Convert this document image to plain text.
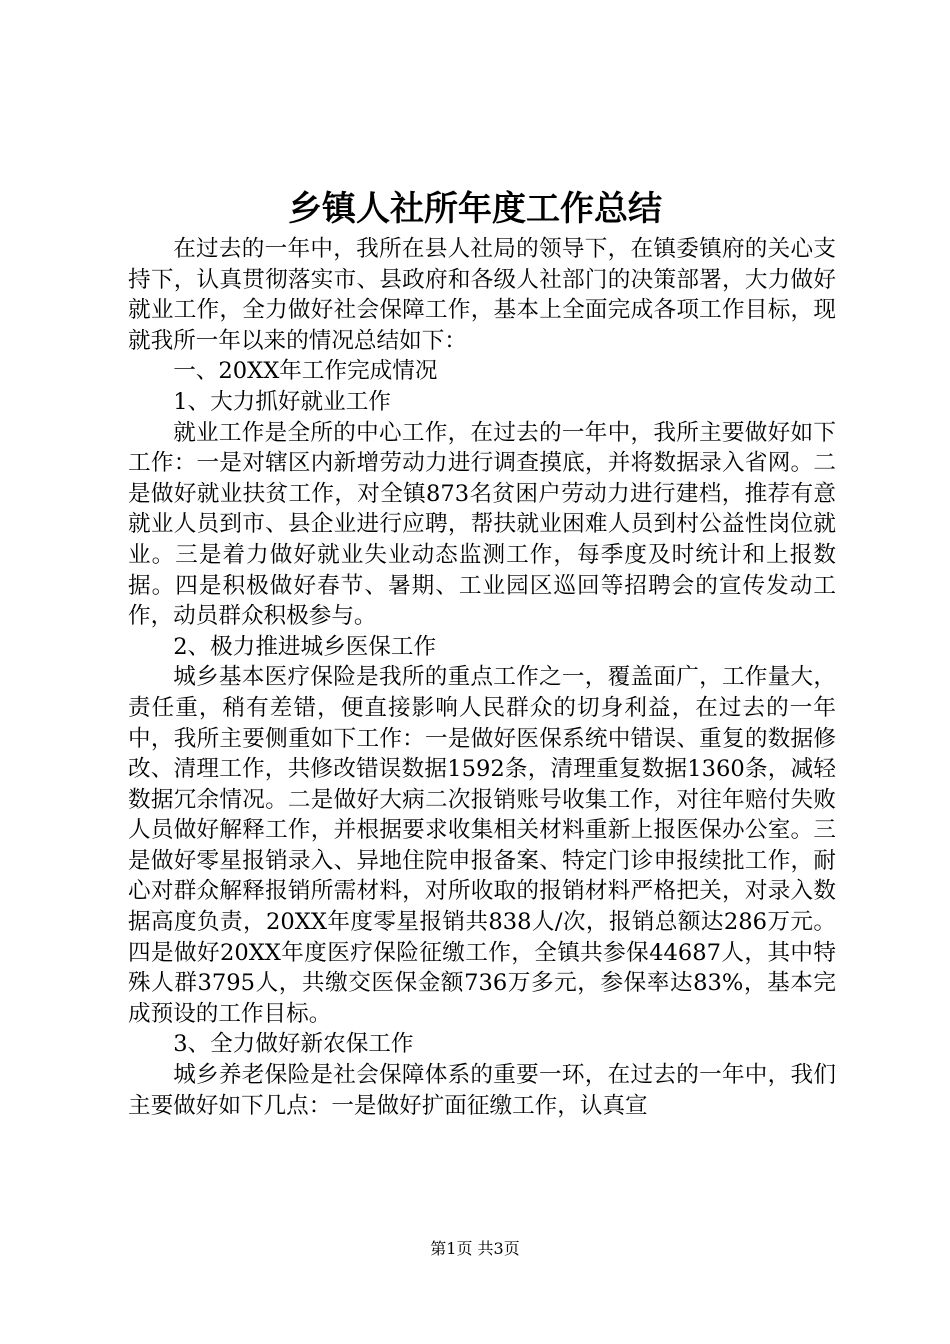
乡镇人社所年度工作总结

在过去的一年中，我所在县人社局的领导下，在镇委镇府的关心支持下，认真贯彻落实市、县政府和各级人社部门的决策部署，大力做好就业工作，全力做好社会保障工作，基本上全面完成各项工作目标，现就我所一年以来的情况总结如下：

一、20XX年工作完成情况

1、大力抓好就业工作

就业工作是全所的中心工作，在过去的一年中，我所主要做好如下工作：一是对辖区内新增劳动力进行调查摸底，并将数据录入省网。二是做好就业扶贫工作，对全镇873名贫困户劳动力进行建档，推荐有意就业人员到市、县企业进行应聘，帮扶就业困难人员到村公益性岗位就业。三是着力做好就业失业动态监测工作，每季度及时统计和上报数据。四是积极做好春节、暑期、工业园区巡回等招聘会的宣传发动工作，动员群众积极参与。

2、极力推进城乡医保工作

城乡基本医疗保险是我所的重点工作之一，覆盖面广，工作量大，责任重，稍有差错，便直接影响人民群众的切身利益，在过去的一年中，我所主要侧重如下工作：一是做好医保系统中错误、重复的数据修改、清理工作，共修改错误数据1592条，清理重复数据1360条，减轻数据冗余情况。二是做好大病二次报销账号收集工作，对往年赔付失败人员做好解释工作，并根据要求收集相关材料重新上报医保办公室。三是做好零星报销录入、异地住院申报备案、特定门诊申报续批工作，耐心对群众解释报销所需材料，对所收取的报销材料严格把关，对录入数据高度负责，20XX年度零星报销共838人/次，报销总额达286万元。四是做好20XX年度医疗保险征缴工作，全镇共参保44687人，其中特殊人群3795人，共缴交医保金额736万多元，参保率达83%，基本完成预设的工作目标。

3、全力做好新农保工作

城乡养老保险是社会保障体系的重要一环，在过去的一年中，我们主要做好如下几点：一是做好扩面征缴工作，认真宣

第1页 共3页
